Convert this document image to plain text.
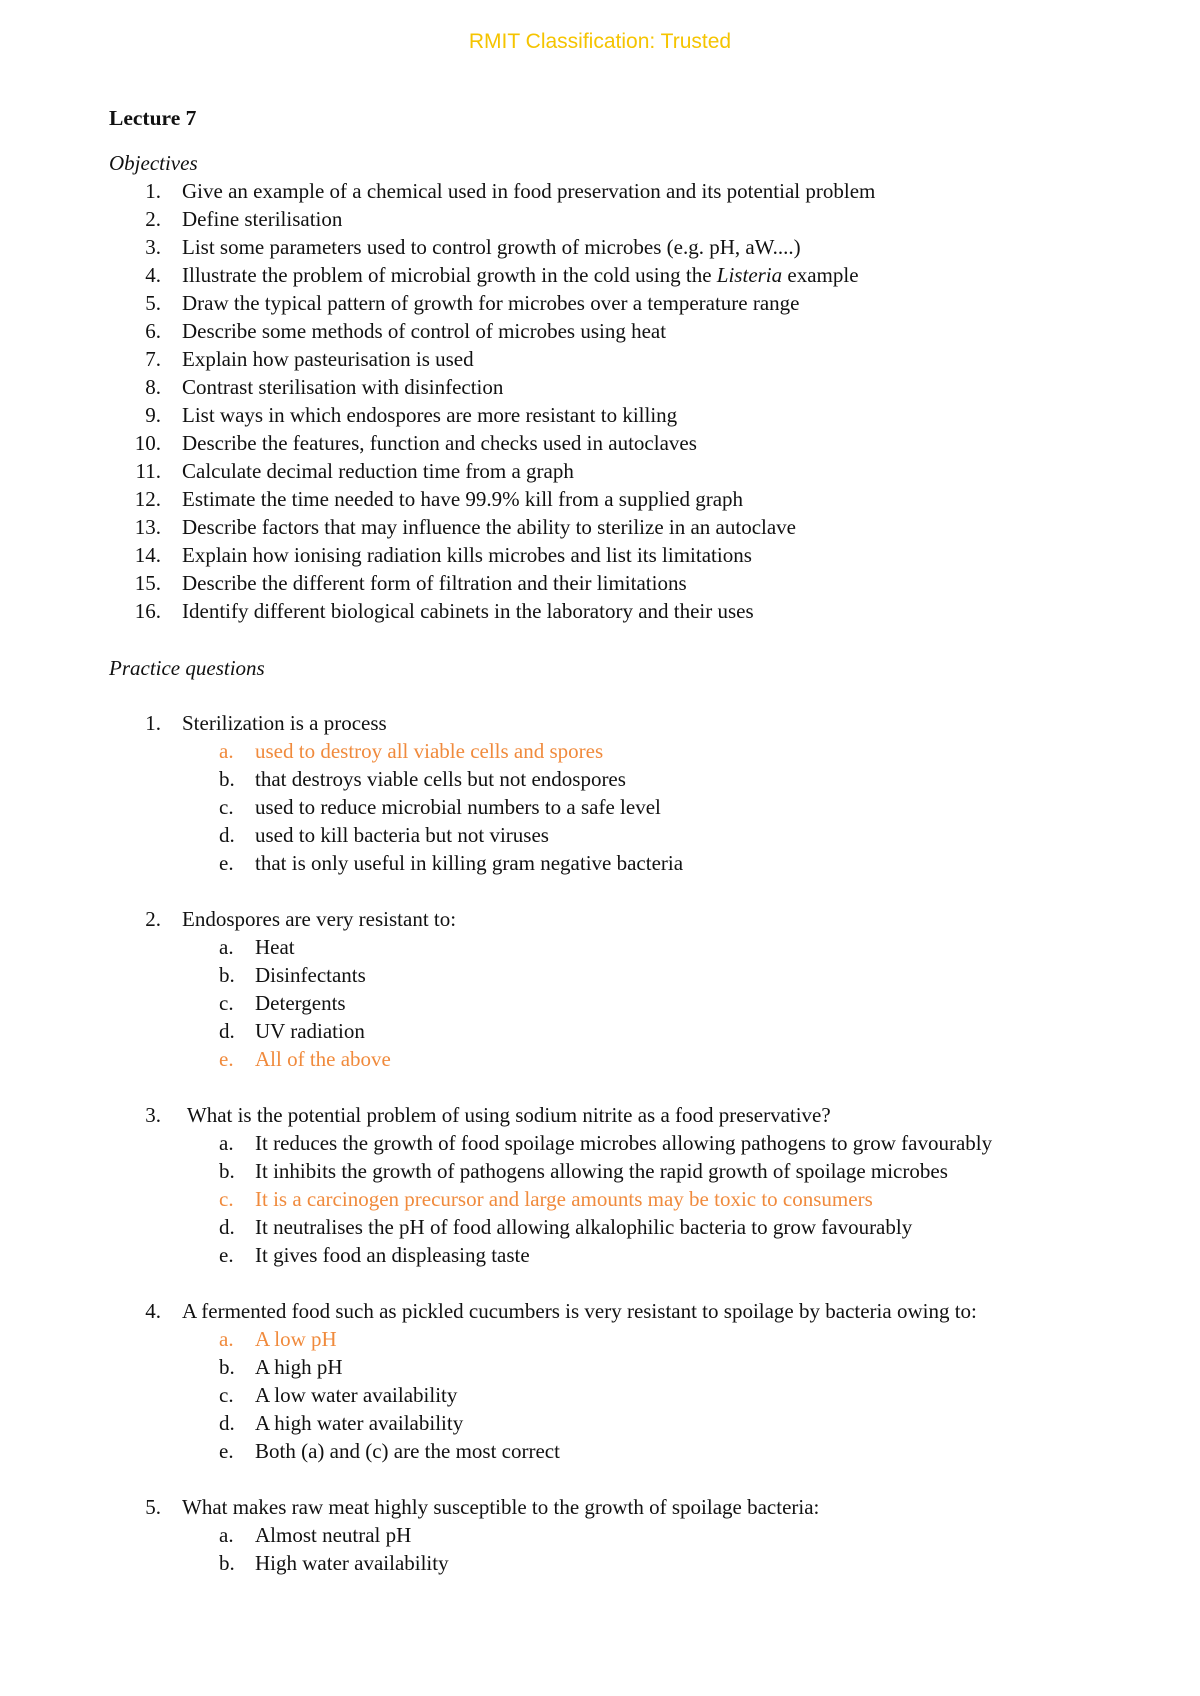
RMIT Classification: Trusted
Lecture 7
Objectives
1. Give an example of a chemical used in food preservation and its potential problem
2. Define sterilisation
3. List some parameters used to control growth of microbes (e.g. pH, aW....)
4. Illustrate the problem of microbial growth in the cold using the Listeria example
5. Draw the typical pattern of growth for microbes over a temperature range
6. Describe some methods of control of microbes using heat
7. Explain how pasteurisation is used
8. Contrast sterilisation with disinfection
9. List ways in which endospores are more resistant to killing
10. Describe the features, function and checks used in autoclaves
11. Calculate decimal reduction time from a graph
12. Estimate the time needed to have 99.9% kill from a supplied graph
13. Describe factors that may influence the ability to sterilize in an autoclave
14. Explain how ionising radiation kills microbes and list its limitations
15. Describe the different form of filtration and their limitations
16. Identify different biological cabinets in the laboratory and their uses
Practice questions
1. Sterilization is a process
a. used to destroy all viable cells and spores
b. that destroys viable cells but not endospores
c. used to reduce microbial numbers to a safe level
d. used to kill bacteria but not viruses
e. that is only useful in killing gram negative bacteria
2. Endospores are very resistant to:
a. Heat
b. Disinfectants
c. Detergents
d. UV radiation
e. All of the above
3. What is the potential problem of using sodium nitrite as a food preservative?
a. It reduces the growth of food spoilage microbes allowing pathogens to grow favourably
b. It inhibits the growth of pathogens allowing the rapid growth of spoilage microbes
c. It is a carcinogen precursor and large amounts may be toxic to consumers
d. It neutralises the pH of food allowing alkalophilic bacteria to grow favourably
e. It gives food an displeasing taste
4. A fermented food such as pickled cucumbers is very resistant to spoilage by bacteria owing to:
a. A low pH
b. A high pH
c. A low water availability
d. A high water availability
e. Both (a) and (c) are the most correct
5. What makes raw meat highly susceptible to the growth of spoilage bacteria:
a. Almost neutral pH
b. High water availability
